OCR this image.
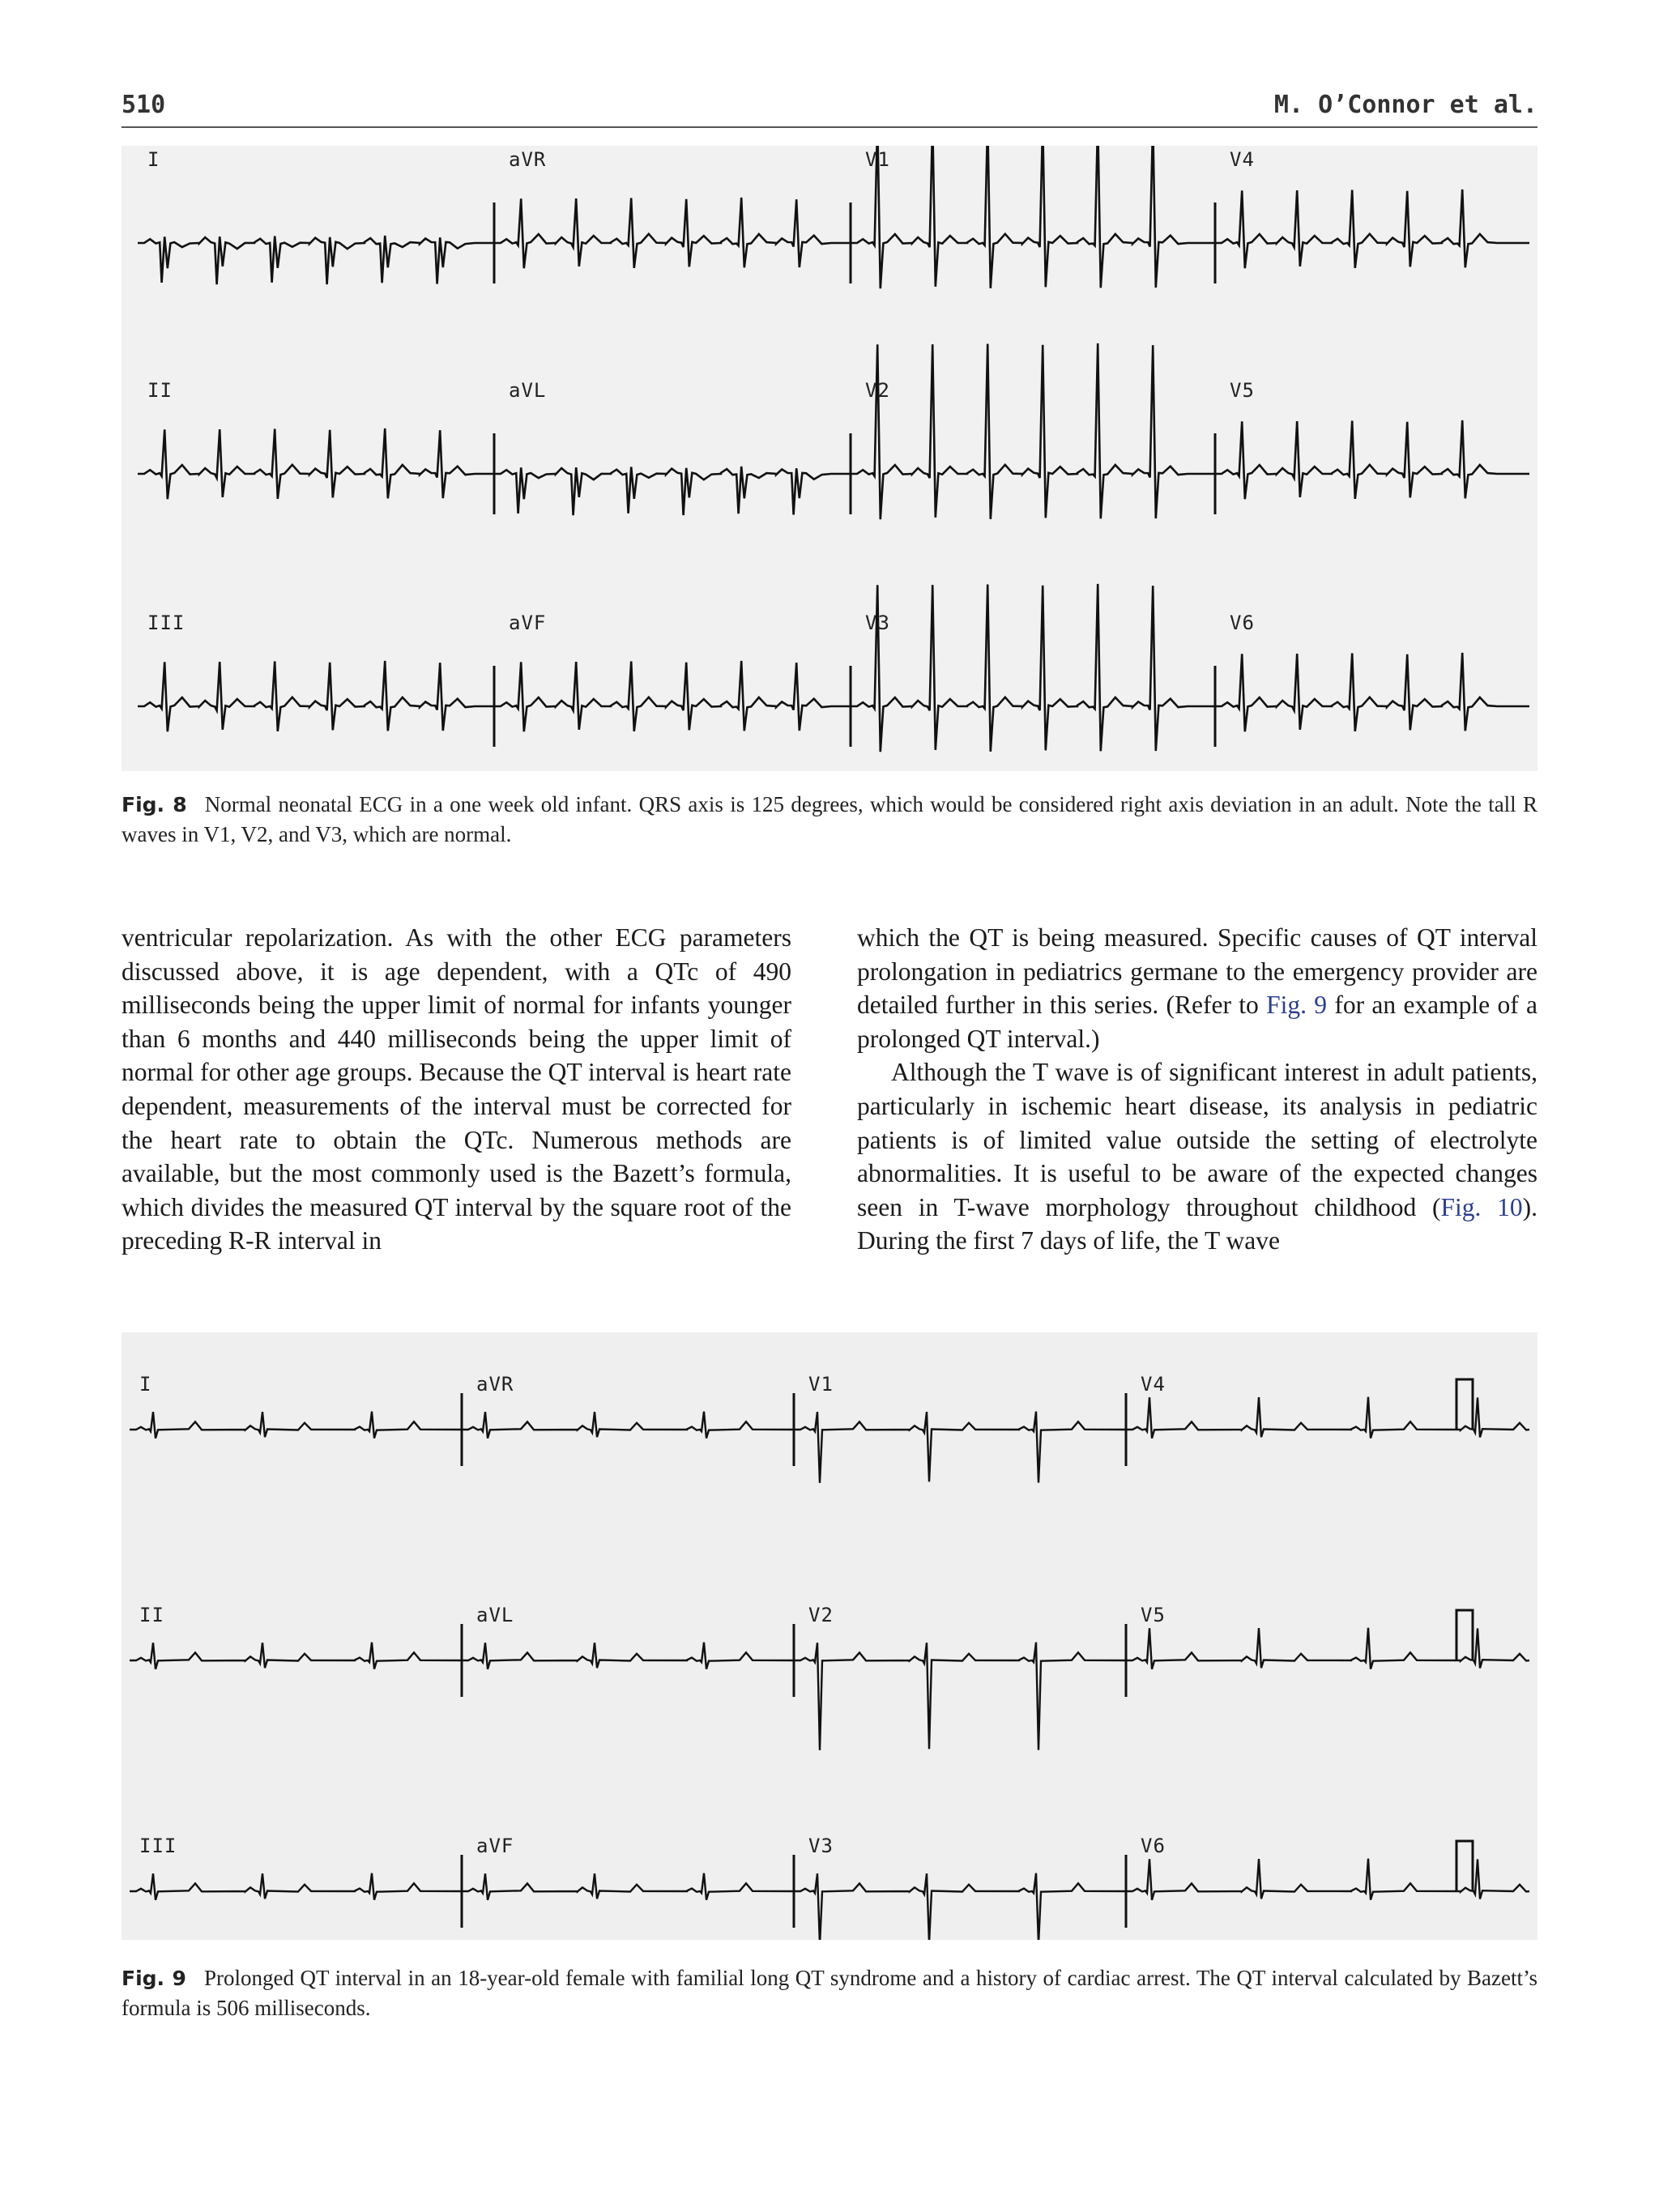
510	M. O’Connor et al.
I	aVR	V1	V4
II	aVL	V2	V5
III	aVF	V3	V6

Fig. 8 Normal neonatal ECG in a one week old infant. QRS axis is 125 degrees, which would be considered right axis deviation in an adult. Note the tall R waves in V1, V2, and V3, which are normal.

ventricular repolarization. As with the other ECG parameters discussed above, it is age dependent, with a QTc of 490 milliseconds being the upper limit of normal for infants younger than 6 months and 440 milliseconds being the upper limit of normal for other age groups. Because the QT interval is heart rate dependent, measurements of the interval must be corrected for the heart rate to obtain the QTc. Numerous methods are available, but the most commonly used is the Bazett’s formula, which divides the measured QT interval by the square root of the preceding R-R interval in

which the QT is being measured. Specific causes of QT interval prolongation in pediatrics germane to the emergency provider are detailed further in this series. (Refer to Fig. 9 for an example of a prolonged QT interval.)

Although the T wave is of significant interest in adult patients, particularly in ischemic heart disease, its analysis in pediatric patients is of limited value outside the setting of electrolyte abnormalities. It is useful to be aware of the expected changes seen in T-wave morphology throughout childhood (Fig. 10). During the first 7 days of life, the T wave

I	aVR	V1	V4
II	aVL	V2	V5
III	aVF	V3	V6

Fig. 9 Prolonged QT interval in an 18-year-old female with familial long QT syndrome and a history of cardiac arrest. The QT interval calculated by Bazett’s formula is 506 milliseconds.
